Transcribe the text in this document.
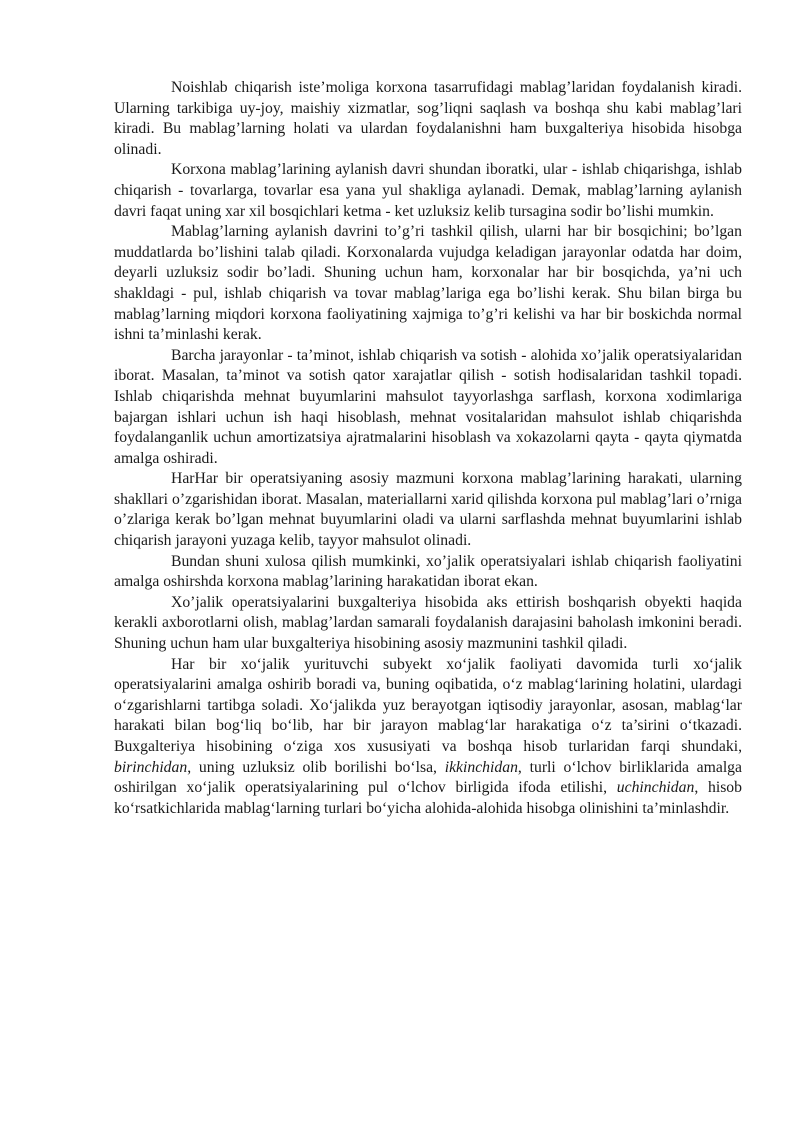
Noishlab chiqarish iste’moliga korxona tasarrufidagi mablag’laridan foydalanish kiradi. Ularning tarkibiga uy-joy, maishiy xizmatlar, sog’liqni saqlash va boshqa shu kabi mablag’lari kiradi. Bu mablag’larning holati va ulardan foydalanishni ham buxgalteriya hisobida hisobga olinadi.

Korxona mablag’larining aylanish davri shundan iboratki, ular - ishlab chiqarishga, ishlab chiqarish - tovarlarga, tovarlar esa yana yul shakliga aylanadi. Demak, mablag’larning aylanish davri faqat uning xar xil bosqichlari ketma - ket uzluksiz kelib tursagina sodir bo’lishi mumkin.

Mablag’larning aylanish davrini to’g’ri tashkil qilish, ularni har bir bosqichini; bo’lgan muddatlarda bo’lishini talab qiladi. Korxonalarda vujudga keladigan jarayonlar odatda har doim, deyarli uzluksiz sodir bo’ladi. Shuning uchun ham, korxonalar har bir bosqichda, ya’ni uch shakldagi - pul, ishlab chiqarish va tovar mablag’lariga ega bo’lishi kerak. Shu bilan birga bu mablag’larning miqdori korxona faoliyatining xajmiga to’g’ri kelishi va har bir boskichda normal ishni ta’minlashi kerak.

Barcha jarayonlar - ta’minot, ishlab chiqarish va sotish - alohida xo’jalik operatsiyalaridan iborat. Masalan, ta’minot va sotish qator xarajatlar qilish - sotish hodisalaridan tashkil topadi. Ishlab chiqarishda mehnat buyumlarini mahsulot tayyorlashga sarflash, korxona xodimlariga bajargan ishlari uchun ish haqi hisoblash, mehnat vositalaridan mahsulot ishlab chiqarishda foydalanganlik uchun amortizatsiya ajratmalarini hisoblash va xokazolarni qayta - qayta qiymatda amalga oshiradi.

HarHar bir operatsiyaning asosiy mazmuni korxona mablag’larining harakati, ularning shakllari o’zgarishidan iborat. Masalan, materiallarni xarid qilishda korxona pul mablag’lari o’rniga o’zlariga kerak bo’lgan mehnat buyumlarini oladi va ularni sarflashda mehnat buyumlarini ishlab chiqarish jarayoni yuzaga kelib, tayyor mahsulot olinadi.

Bundan shuni xulosa qilish mumkinki, xo’jalik operatsiyalari ishlab chiqarish faoliyatini amalga oshirshda korxona mablag’larining harakatidan iborat ekan.

Xo’jalik operatsiyalarini buxgalteriya hisobida aks ettirish boshqarish obyekti haqida kerakli axborotlarni olish, mablag’lardan samarali foydalanish darajasini baholash imkonini beradi. Shuning uchun ham ular buxgalteriya hisobining asosiy mazmunini tashkil qiladi.

Har bir xo‘jalik yurituvchi subyekt xo‘jalik faoliyati davomida turli xo‘jalik operatsiyalarini amalga oshirib boradi va, buning oqibatida, o‘z mablag‘larining holatini, ulardagi o‘zgarishlarni tartibga soladi. Xo‘jalikda yuz berayotgan iqtisodiy jarayonlar, asosan, mablag‘lar harakati bilan bog‘liq bo‘lib, har bir jarayon mablag‘lar harakatiga o‘z ta’sirini o‘tkazadi. Buxgalteriya hisobining o‘ziga xos xususiyati va boshqa hisob turlaridan farqi shundaki, birinchidan, uning uzluksiz olib borilishi bo‘lsa, ikkinchidan, turli o‘lchov birliklarida amalga oshirilgan xo‘jalik operatsiyalarining pul o‘lchov birligida ifoda etilishi, uchinchidan, hisob ko‘rsatkichlarida mablag‘larning turlari bo‘yicha alohida-alohida hisobga olinishini ta’minlashdir.
